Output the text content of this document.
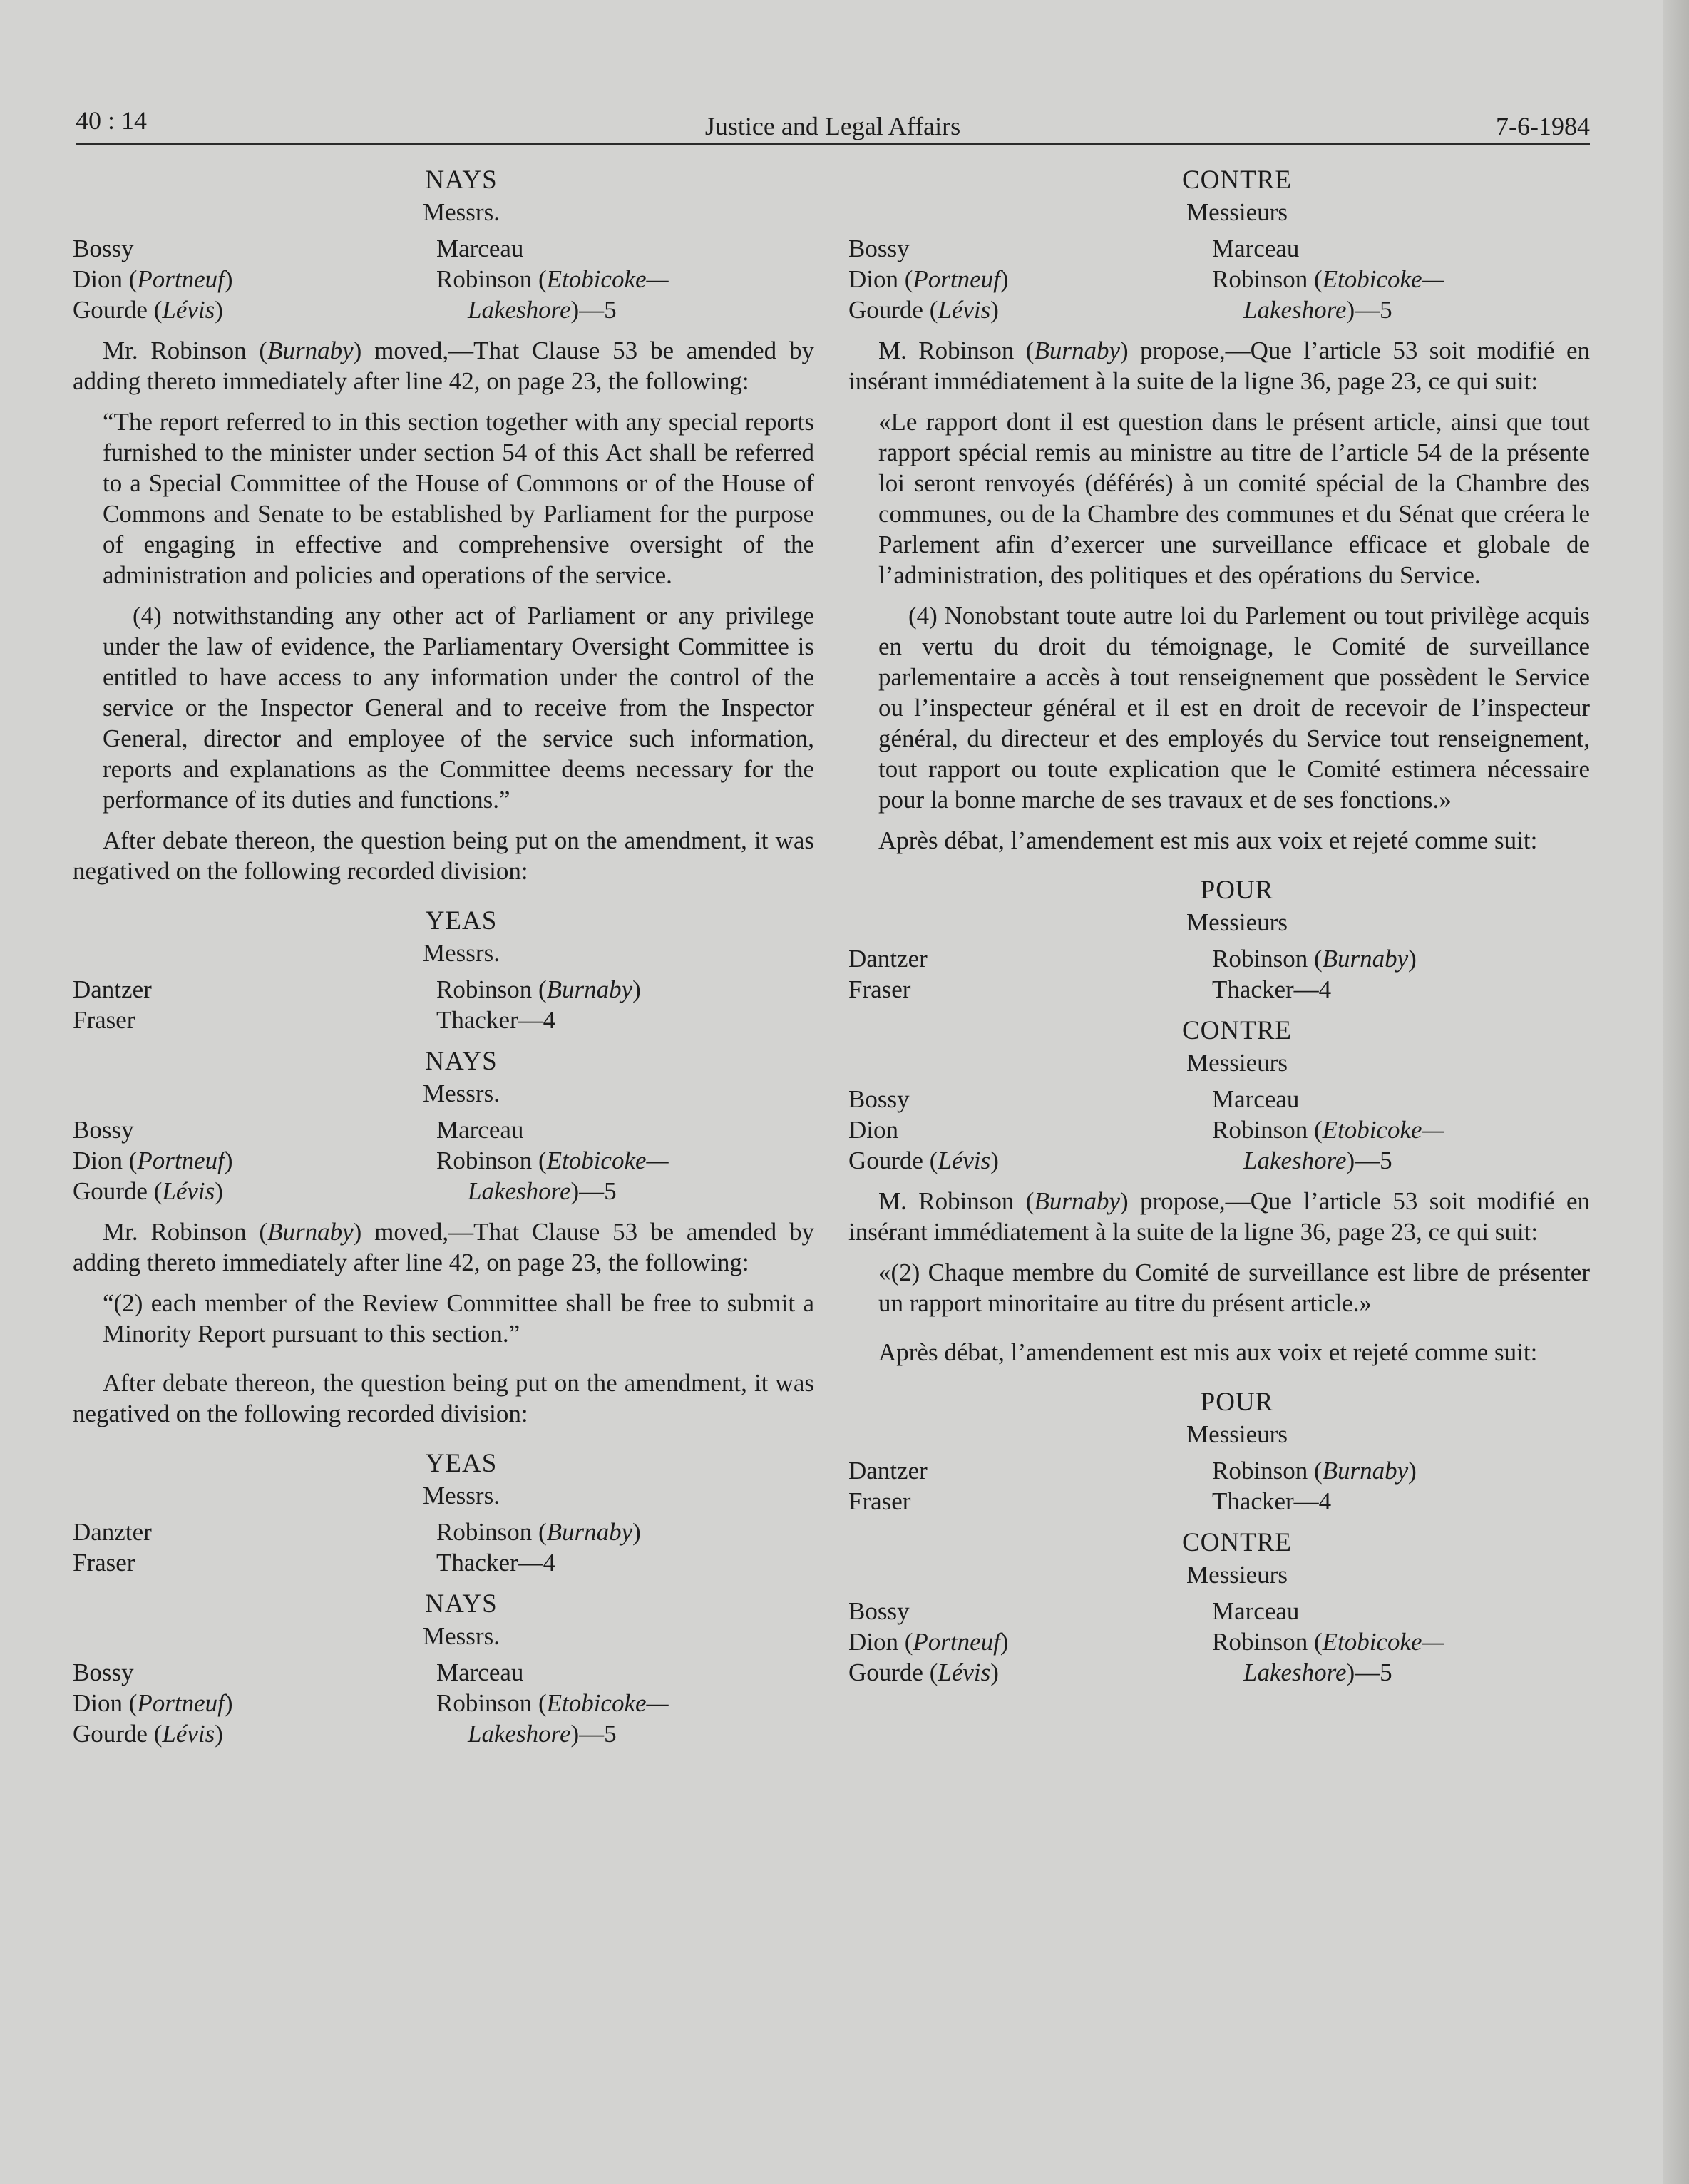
40 : 14	Justice and Legal Affairs	7-6-1984
NAYS
Messrs.
Bossy
Dion (Portneuf)
Gourde (Lévis)
Marceau
Robinson (Etobicoke—
Lakeshore)—5

Mr. Robinson (Burnaby) moved,—That Clause 53 be amended by adding thereto immediately after line 42, on page 23, the following:

“The report referred to in this section together with any special reports furnished to the minister under section 54 of this Act shall be referred to a Special Committee of the House of Commons or of the House of Commons and Senate to be established by Parliament for the purpose of engaging in effective and comprehensive oversight of the administration and policies and operations of the service.

(4) notwithstanding any other act of Parliament or any privilege under the law of evidence, the Parliamentary Oversight Committee is entitled to have access to any information under the control of the service or the Inspector General and to receive from the Inspector General, director and employee of the service such information, reports and explanations as the Committee deems necessary for the performance of its duties and functions.”

After debate thereon, the question being put on the amendment, it was negatived on the following recorded division:

YEAS
Messrs.
Dantzer
Fraser
Robinson (Burnaby)
Thacker—4
NAYS
Messrs.
Bossy
Dion (Portneuf)
Gourde (Lévis)
Marceau
Robinson (Etobicoke—
Lakeshore)—5

Mr. Robinson (Burnaby) moved,—That Clause 53 be amended by adding thereto immediately after line 42, on page 23, the following:

“(2) each member of the Review Committee shall be free to submit a Minority Report pursuant to this section.”

After debate thereon, the question being put on the amendment, it was negatived on the following recorded division:

YEAS
Messrs.
Danzter
Fraser
Robinson (Burnaby)
Thacker—4
NAYS
Messrs.
Bossy
Dion (Portneuf)
Gourde (Lévis)
Marceau
Robinson (Etobicoke—
Lakeshore)—5
CONTRE
Messieurs
Bossy
Dion (Portneuf)
Gourde (Lévis)
Marceau
Robinson (Etobicoke—
Lakeshore)—5

M. Robinson (Burnaby) propose,—Que l’article 53 soit modifié en insérant immédiatement à la suite de la ligne 36, page 23, ce qui suit:

«Le rapport dont il est question dans le présent article, ainsi que tout rapport spécial remis au ministre au titre de l’article 54 de la présente loi seront renvoyés (déférés) à un comité spécial de la Chambre des communes, ou de la Chambre des communes et du Sénat que créera le Parlement afin d’exercer une surveillance efficace et globale de l’administration, des politiques et des opérations du Service.

(4) Nonobstant toute autre loi du Parlement ou tout privilège acquis en vertu du droit du témoignage, le Comité de surveillance parlementaire a accès à tout renseignement que possèdent le Service ou l’inspecteur général et il est en droit de recevoir de l’inspecteur général, du directeur et des employés du Service tout renseignement, tout rapport ou toute explication que le Comité estimera nécessaire pour la bonne marche de ses travaux et de ses fonctions.»

Après débat, l’amendement est mis aux voix et rejeté comme suit:

POUR
Messieurs
Dantzer
Fraser
Robinson (Burnaby)
Thacker—4
CONTRE
Messieurs
Bossy
Dion
Gourde (Lévis)
Marceau
Robinson (Etobicoke—
Lakeshore)—5

M. Robinson (Burnaby) propose,—Que l’article 53 soit modifié en insérant immédiatement à la suite de la ligne 36, page 23, ce qui suit:

«(2) Chaque membre du Comité de surveillance est libre de présenter un rapport minoritaire au titre du présent article.»

Après débat, l’amendement est mis aux voix et rejeté comme suit:

POUR
Messieurs
Dantzer
Fraser
Robinson (Burnaby)
Thacker—4
CONTRE
Messieurs
Bossy
Dion (Portneuf)
Gourde (Lévis)
Marceau
Robinson (Etobicoke—
Lakeshore)—5
